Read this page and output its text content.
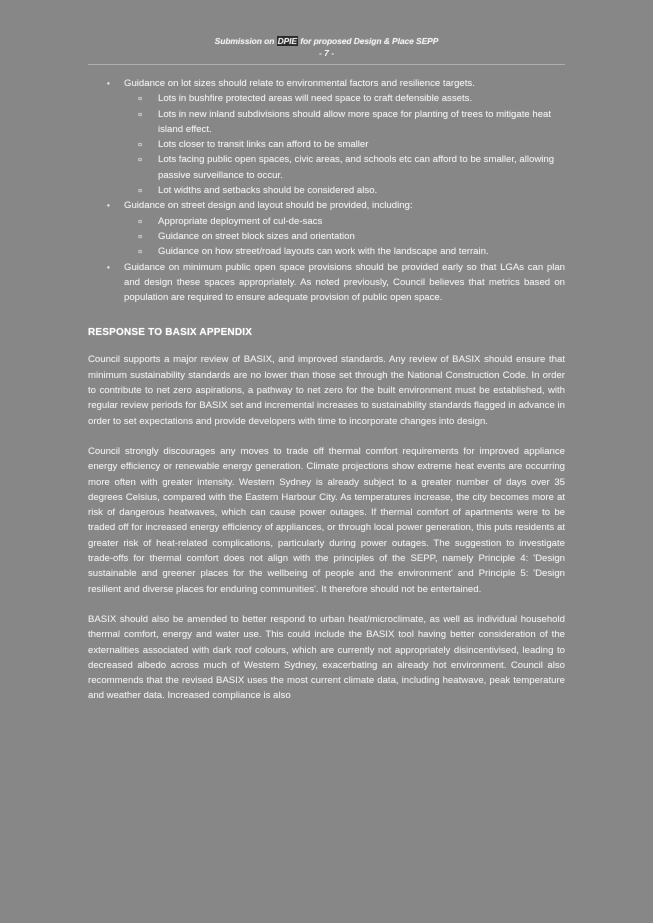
Submission on DPIE for proposed Design & Place SEPP
- 7 -
• Guidance on lot sizes should relate to environmental factors and resilience targets.
¤ Lots in bushfire protected areas will need space to craft defensible assets.
¤ Lots in new inland subdivisions should allow more space for planting of trees to mitigate heat island effect.
¤ Lots closer to transit links can afford to be smaller
¤ Lots facing public open spaces, civic areas, and schools etc can afford to be smaller, allowing passive surveillance to occur.
¤ Lot widths and setbacks should be considered also.
• Guidance on street design and layout should be provided, including:
¤ Appropriate deployment of cul-de-sacs
¤ Guidance on street block sizes and orientation
¤ Guidance on how street/road layouts can work with the landscape and terrain.
• Guidance on minimum public open space provisions should be provided early so that LGAs can plan and design these spaces appropriately. As noted previously, Council believes that metrics based on population are required to ensure adequate provision of public open space.
RESPONSE TO BASIX APPENDIX

Council supports a major review of BASIX, and improved standards. Any review of BASIX should ensure that minimum sustainability standards are no lower than those set through the National Construction Code. In order to contribute to net zero aspirations, a pathway to net zero for the built environment must be established, with regular review periods for BASIX set and incremental increases to sustainability standards flagged in advance in order to set expectations and provide developers with time to incorporate changes into design.

Council strongly discourages any moves to trade off thermal comfort requirements for improved appliance energy efficiency or renewable energy generation. Climate projections show extreme heat events are occurring more often with greater intensity. Western Sydney is already subject to a greater number of days over 35 degrees Celsius, compared with the Eastern Harbour City. As temperatures increase, the city becomes more at risk of dangerous heatwaves, which can cause power outages. If thermal comfort of apartments were to be traded off for increased energy efficiency of appliances, or through local power generation, this puts residents at greater risk of heat-related complications, particularly during power outages. The suggestion to investigate trade-offs for thermal comfort does not align with the principles of the SEPP, namely Principle 4: 'Design sustainable and greener places for the wellbeing of people and the environment' and Principle 5: 'Design resilient and diverse places for enduring communities'. It therefore should not be entertained.

BASIX should also be amended to better respond to urban heat/microclimate, as well as individual household thermal comfort, energy and water use. This could include the BASIX tool having better consideration of the externalities associated with dark roof colours, which are currently not appropriately disincentivised, leading to decreased albedo across much of Western Sydney, exacerbating an already hot environment. Council also recommends that the revised BASIX uses the most current climate data, including heatwave, peak temperature and weather data. Increased compliance is also
